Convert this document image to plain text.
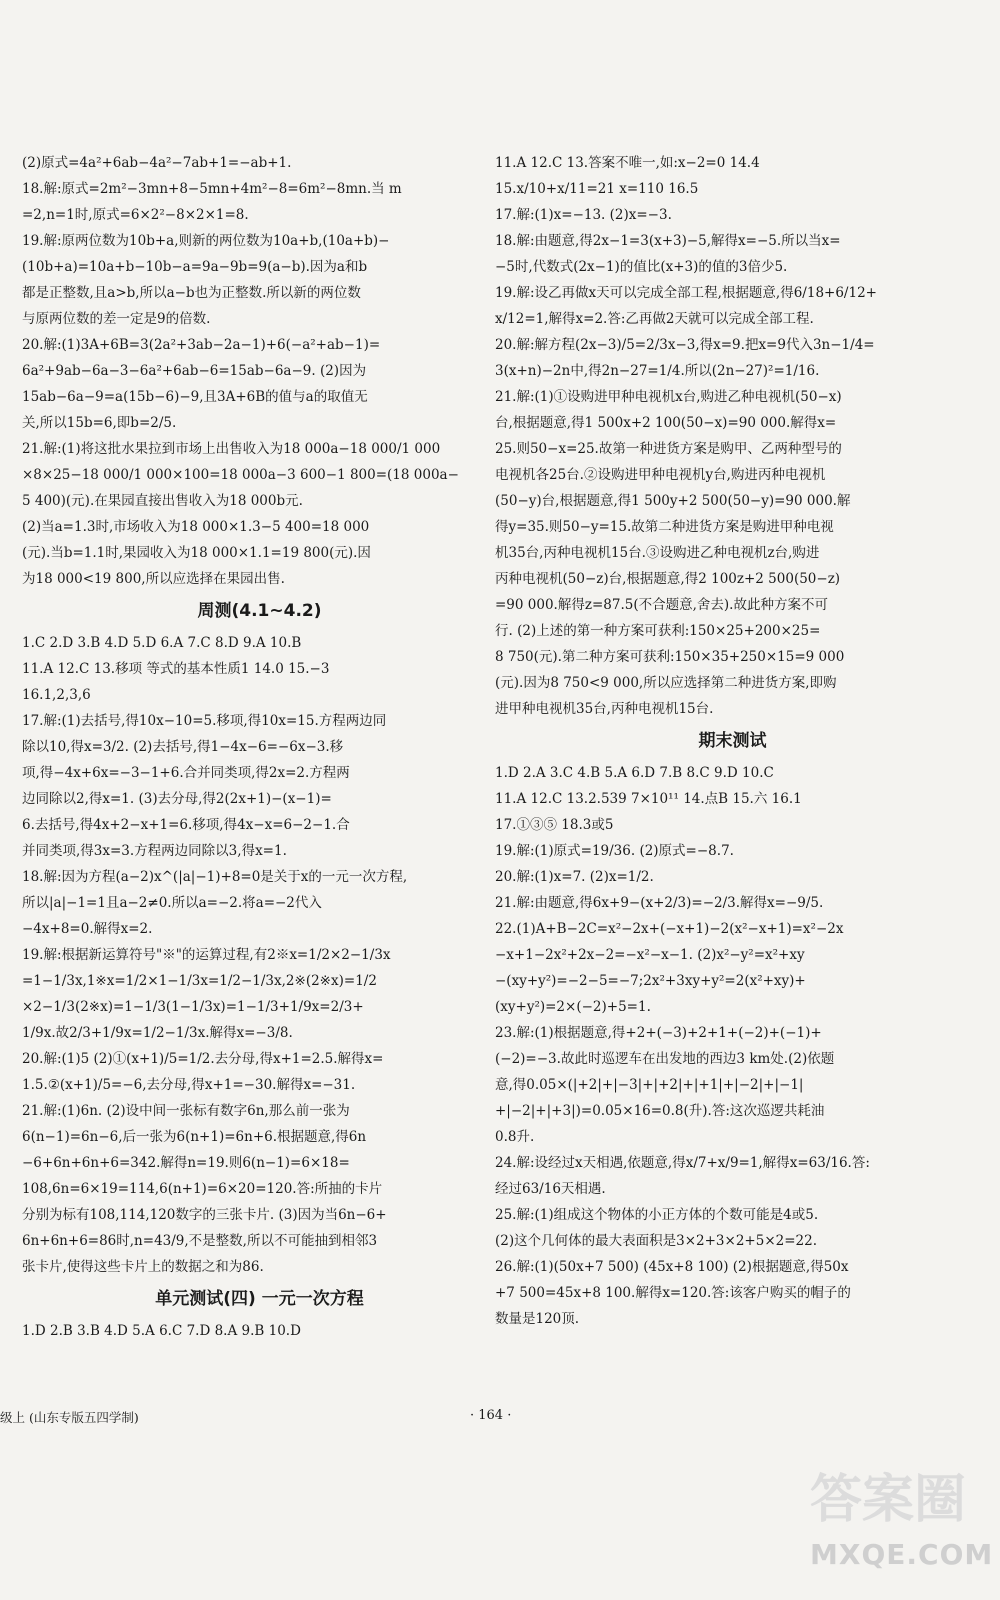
(2)原式=4a²+6ab−4a²−7ab+1=−ab+1.
18.解:原式=2m²−3mn+8−5mn+4m²−8=6m²−8mn.当 m
=2,n=1时,原式=6×2²−8×2×1=8.
19.解:原两位数为10b+a,则新的两位数为10a+b,(10a+b)−
(10b+a)=10a+b−10b−a=9a−9b=9(a−b).因为a和b
都是正整数,且a>b,所以a−b也为正整数.所以新的两位数
与原两位数的差一定是9的倍数.
20.解:(1)3A+6B=3(2a²+3ab−2a−1)+6(−a²+ab−1)=
6a²+9ab−6a−3−6a²+6ab−6=15ab−6a−9. (2)因为
15ab−6a−9=a(15b−6)−9,且3A+6B的值与a的取值无
关,所以15b=6,即b=2/5.
21.解:(1)将这批水果拉到市场上出售收入为18 000a−18 000/1 000
×8×25−18 000/1 000×100=18 000a−3 600−1 800=(18 000a−
5 400)(元).在果园直接出售收入为18 000b元.
(2)当a=1.3时,市场收入为18 000×1.3−5 400=18 000
(元).当b=1.1时,果园收入为18 000×1.1=19 800(元).因
为18 000<19 800,所以应选择在果园出售.
周测(4.1~4.2)
1.C 2.D 3.B 4.D 5.D 6.A 7.C 8.D 9.A 10.B
11.A 12.C 13.移项 等式的基本性质1 14.0 15.−3
16.1,2,3,6
17.解:(1)去括号,得10x−10=5.移项,得10x=15.方程两边同
除以10,得x=3/2. (2)去括号,得1−4x−6=−6x−3.移
项,得−4x+6x=−3−1+6.合并同类项,得2x=2.方程两
边同除以2,得x=1. (3)去分母,得2(2x+1)−(x−1)=
6.去括号,得4x+2−x+1=6.移项,得4x−x=6−2−1.合
并同类项,得3x=3.方程两边同除以3,得x=1.
18.解:因为方程(a−2)x^(|a|−1)+8=0是关于x的一元一次方程,
所以|a|−1=1且a−2≠0.所以a=−2.将a=−2代入
−4x+8=0.解得x=2.
19.解:根据新运算符号"※"的运算过程,有2※x=1/2×2−1/3x
=1−1/3x,1※x=1/2×1−1/3x=1/2−1/3x,2※(2※x)=1/2
×2−1/3(2※x)=1−1/3(1−1/3x)=1−1/3+1/9x=2/3+
1/9x.故2/3+1/9x=1/2−1/3x.解得x=−3/8.
20.解:(1)5 (2)①(x+1)/5=1/2.去分母,得x+1=2.5.解得x=
1.5.②(x+1)/5=−6,去分母,得x+1=−30.解得x=−31.
21.解:(1)6n. (2)设中间一张标有数字6n,那么前一张为
6(n−1)=6n−6,后一张为6(n+1)=6n+6.根据题意,得6n
−6+6n+6n+6=342.解得n=19.则6(n−1)=6×18=
108,6n=6×19=114,6(n+1)=6×20=120.答:所抽的卡片
分别为标有108,114,120数字的三张卡片. (3)因为当6n−6+
6n+6n+6=86时,n=43/9,不是整数,所以不可能抽到相邻3
张卡片,使得这些卡片上的数据之和为86.
单元测试(四) 一元一次方程
1.D 2.B 3.B 4.D 5.A 6.C 7.D 8.A 9.B 10.D
11.A 12.C 13.答案不唯一,如:x−2=0 14.4
15.x/10+x/11=21 x=110 16.5
17.解:(1)x=−13. (2)x=−3.
18.解:由题意,得2x−1=3(x+3)−5,解得x=−5.所以当x=
−5时,代数式(2x−1)的值比(x+3)的值的3倍少5.
19.解:设乙再做x天可以完成全部工程,根据题意,得6/18+6/12+
x/12=1,解得x=2.答:乙再做2天就可以完成全部工程.
20.解:解方程(2x−3)/5=2/3x−3,得x=9.把x=9代入3n−1/4=
3(x+n)−2n中,得2n−27=1/4.所以(2n−27)²=1/16.
21.解:(1)①设购进甲种电视机x台,购进乙种电视机(50−x)
台,根据题意,得1 500x+2 100(50−x)=90 000.解得x=
25.则50−x=25.故第一种进货方案是购甲、乙两种型号的
电视机各25台.②设购进甲种电视机y台,购进丙种电视机
(50−y)台,根据题意,得1 500y+2 500(50−y)=90 000.解
得y=35.则50−y=15.故第二种进货方案是购进甲种电视
机35台,丙种电视机15台.③设购进乙种电视机z台,购进
丙种电视机(50−z)台,根据题意,得2 100z+2 500(50−z)
=90 000.解得z=87.5(不合题意,舍去).故此种方案不可
行. (2)上述的第一种方案可获利:150×25+200×25=
8 750(元).第二种方案可获利:150×35+250×15=9 000
(元).因为8 750<9 000,所以应选择第二种进货方案,即购
进甲种电视机35台,丙种电视机15台.
期末测试
1.D 2.A 3.C 4.B 5.A 6.D 7.B 8.C 9.D 10.C
11.A 12.C 13.2.539 7×10¹¹ 14.点B 15.六 16.1
17.①③⑤ 18.3或5
19.解:(1)原式=19/36. (2)原式=−8.7.
20.解:(1)x=7. (2)x=1/2.
21.解:由题意,得6x+9−(x+2/3)=−2/3.解得x=−9/5.
22.(1)A+B−2C=x²−2x+(−x+1)−2(x²−x+1)=x²−2x
−x+1−2x²+2x−2=−x²−x−1. (2)x²−y²=x²+xy
−(xy+y²)=−2−5=−7;2x²+3xy+y²=2(x²+xy)+
(xy+y²)=2×(−2)+5=1.
23.解:(1)根据题意,得+2+(−3)+2+1+(−2)+(−1)+
(−2)=−3.故此时巡逻车在出发地的西边3 km处.(2)依题
意,得0.05×(|+2|+|−3|+|+2|+|+1|+|−2|+|−1|
+|−2|+|+3|)=0.05×16=0.8(升).答:这次巡逻共耗油
0.8升.
24.解:设经过x天相遇,依题意,得x/7+x/9=1,解得x=63/16.答:
经过63/16天相遇.
25.解:(1)组成这个物体的小正方体的个数可能是4或5.
(2)这个几何体的最大表面积是3×2+3×2+5×2=22.
26.解:(1)(50x+7 500) (45x+8 100) (2)根据题意,得50x
+7 500=45x+8 100.解得x=120.答:该客户购买的帽子的
数量是120顶.
级上 (山东专版五四学制)	· 164 ·
答案圈
MXQE.COM
